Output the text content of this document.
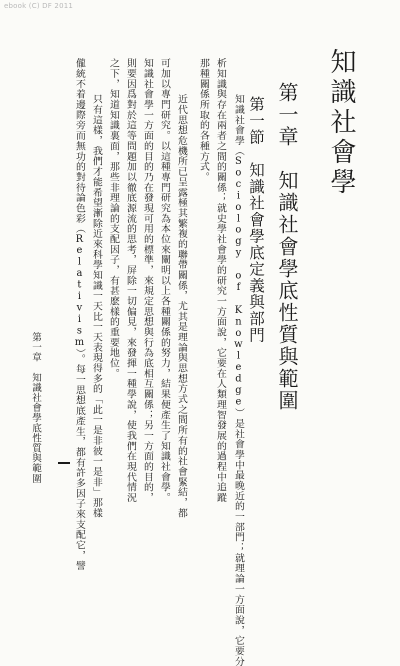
ebook (C) DF 2011
知識社會學
第一章　知識社會學底性質與範圍
知識社會學（Sociology of Knowledge）是社會學中最晚近的一部門；就理論一方面說，它要分
析知識與存在兩者之間的關係；就史學社會學的研究一方面說，它要在人類理智發展的過程中追蹤
那種關係所取的各種方式。 第一節　知識社會學底定義與部門
近代思想危機所已呈露極其繁複的聯帶關係，尤其是理論與思想方式之間所有的社會緊結，都
可加以專門研究。以這種專門研究為本位來闡明以上各種關係的努力，結果便產生了知識社會學。
知識社會學一方面的目的乃在發現可用的標準，來規定思想與行為底相互關係；另一方面的目的，
則要因爲對於這等問題加以徹底源流的思考，屏除一切偏見，來發揮一種學說，使我們在現代情況
之下，知道知識裏面，那些非理論的支配因子，有甚麽樣的重要地位。
只有這樣，我們才能希望漸除近來科學知識一天比一天表現得多的「此一是非彼一是非」那樣
儱統不着邊際旁而無功的對待論色彩（Relativism）。每一思想底產生，都有許多因子來支配它，譬
第一章　知識社會學底性質與範圍
